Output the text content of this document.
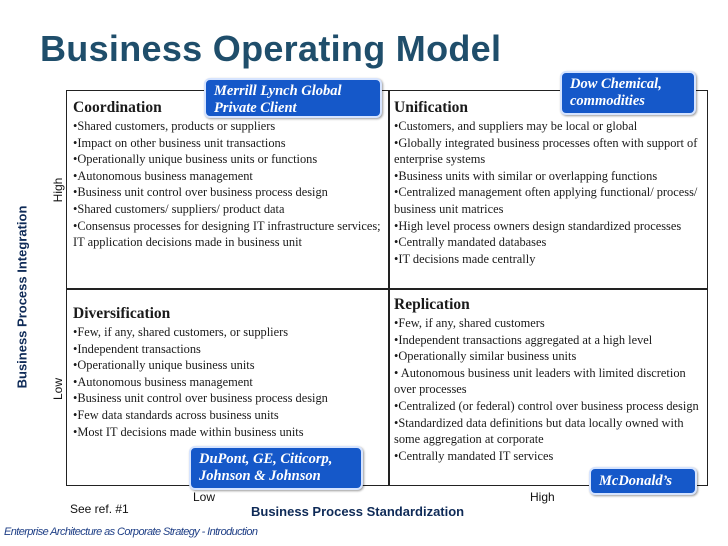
Business Operating Model
Coordination
•Shared customers, products or suppliers
•Impact on other business unit transactions
•Operationally unique business units or functions
•Autonomous business management
•Business unit control over business process design
•Shared customers/ suppliers/ product data
•Consensus processes for designing IT infrastructure services; IT application decisions made in business unit
Unification
•Customers, and suppliers may be local or global
•Globally integrated business processes often with support of enterprise systems
•Business units with similar or overlapping functions
•Centralized management often applying functional/ process/ business unit matrices
•High level process owners design standardized processes
•Centrally mandated databases
•IT decisions made centrally
Diversification
•Few, if any, shared customers, or suppliers
•Independent transactions
•Operationally unique business units
•Autonomous business management
•Business unit control over business process design
•Few data standards across business units
•Most IT decisions made within business units
Replication
•Few, if any, shared customers
•Independent transactions aggregated at a high level
•Operationally similar business units
• Autonomous business unit leaders with limited discretion over processes
•Centralized (or federal) control over business process design
•Standardized data definitions but data locally owned with some aggregation at corporate
•Centrally mandated IT services
Merrill Lynch Global
Private Client
Dow Chemical,
commodities
DuPont, GE, Citicorp,
Johnson & Johnson	McDonald’s
Business Process Integration
High
Low
Low	High
Business Process Standardization
See ref. #1
Enterprise Architecture as Corporate Strategy - Introduction
